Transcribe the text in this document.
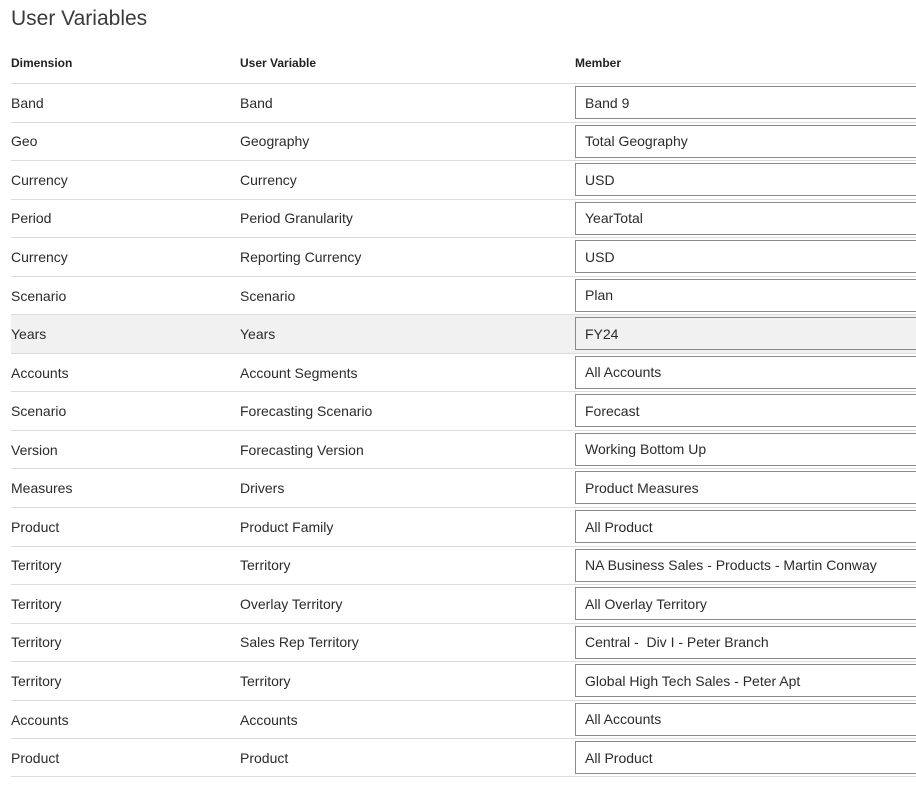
User Variables
Dimension	User Variable	Member
Band	Band	Band 9
Geo	Geography	Total Geography
Currency	Currency	USD
Period	Period Granularity	YearTotal
Currency	Reporting Currency	USD
Scenario	Scenario	Plan
Years	Years	FY24
Accounts	Account Segments	All Accounts
Scenario	Forecasting Scenario	Forecast
Version	Forecasting Version	Working Bottom Up
Measures	Drivers	Product Measures
Product	Product Family	All Product
Territory	Territory	NA Business Sales - Products - Martin Conway
Territory	Overlay Territory	All Overlay Territory
Territory	Sales Rep Territory	Central -  Div I - Peter Branch
Territory	Territory	Global High Tech Sales - Peter Apt
Accounts	Accounts	All Accounts
Product	Product	All Product
